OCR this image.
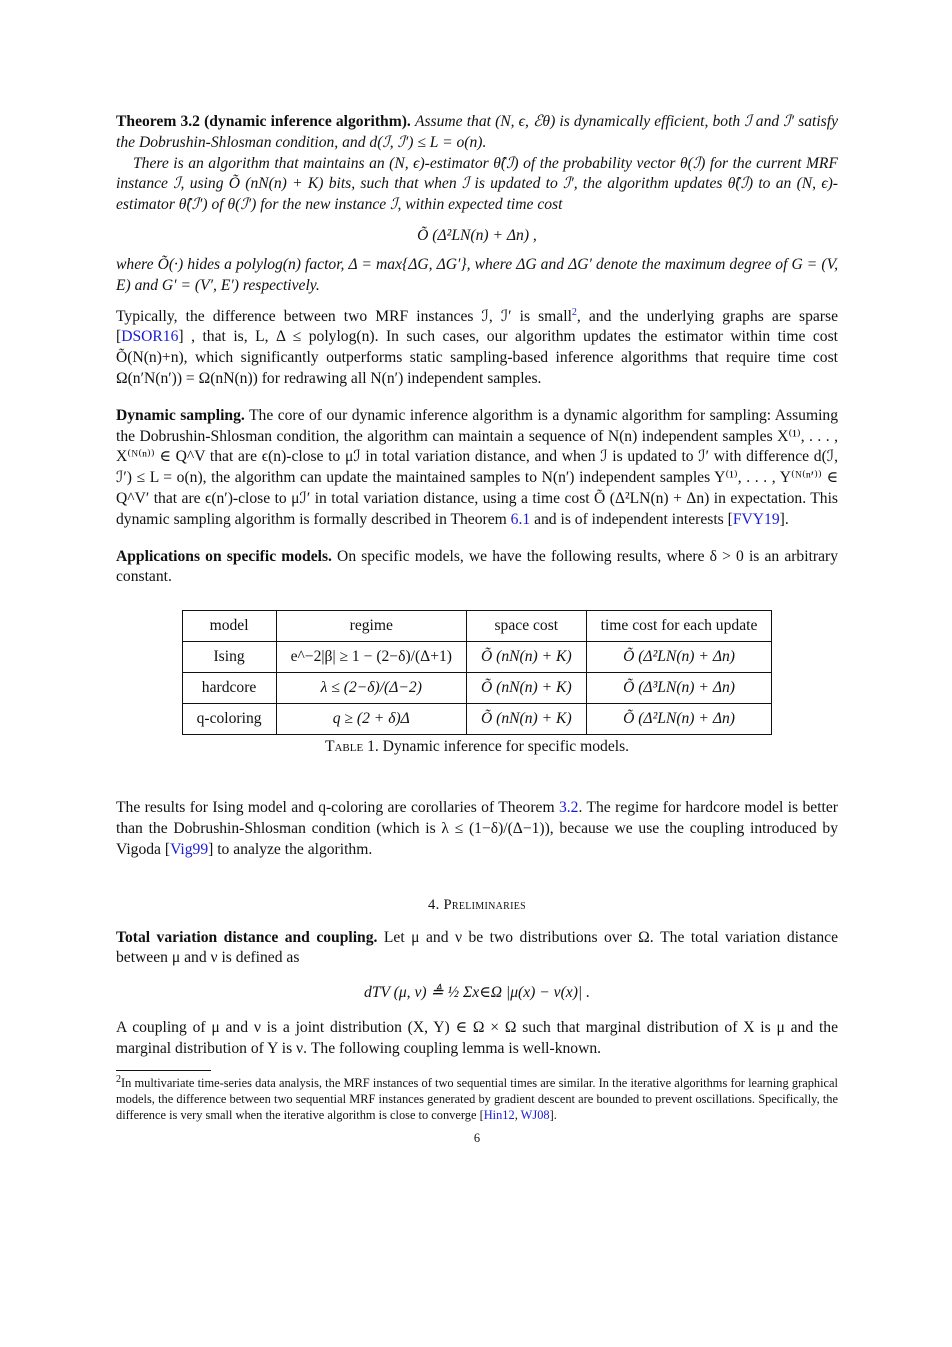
Theorem 3.2 (dynamic inference algorithm). Assume that (N, ϵ, ℰθ) is dynamically efficient, both ℐ and ℐ′ satisfy the Dobrushin-Shlosman condition, and d(ℐ, ℐ′) ≤ L = o(n).

There is an algorithm that maintains an (N, ϵ)-estimator θ̂(ℐ) of the probability vector θ(ℐ) for the current MRF instance ℐ, using Õ (nN(n) + K) bits, such that when ℐ is updated to ℐ′, the algorithm updates θ̂(ℐ) to an (N, ϵ)-estimator θ̂(ℐ′) of θ(ℐ′) for the new instance ℐ, within expected time cost

Õ (Δ²LN(n) + Δn) ,

where Õ(·) hides a polylog(n) factor, Δ = max{ΔG, ΔG′}, where ΔG and ΔG′ denote the maximum degree of G = (V, E) and G′ = (V′, E′) respectively.

Typically, the difference between two MRF instances ℐ, ℐ′ is small$^2$, and the underlying graphs are sparse [DSOR16] , that is, L, Δ ≤ polylog(n). In such cases, our algorithm updates the estimator within time cost Õ(N(n)+n), which significantly outperforms static sampling-based inference algorithms that require time cost Ω(n′N(n′)) = Ω(nN(n)) for redrawing all N(n′) independent samples.

Dynamic sampling. The core of our dynamic inference algorithm is a dynamic algorithm for sampling: Assuming the Dobrushin-Shlosman condition, the algorithm can maintain a sequence of N(n) independent samples X⁽¹⁾, . . . , X⁽ᴺ⁽ⁿ⁾⁾ ∈ Q^V that are ϵ(n)-close to μℐ in total variation distance, and when ℐ is updated to ℐ′ with difference d(ℐ, ℐ′) ≤ L = o(n), the algorithm can update the maintained samples to N(n′) independent samples Y⁽¹⁾, . . . , Y⁽ᴺ⁽ⁿ′⁾⁾ ∈ Q^V′ that are ϵ(n′)-close to μℐ′ in total variation distance, using a time cost Õ (Δ²LN(n) + Δn) in expectation. This dynamic sampling algorithm is formally described in Theorem 6.1 and is of independent interests [FVY19].

Applications on specific models. On specific models, we have the following results, where δ > 0 is an arbitrary constant.

model	regime	space cost	time cost for each update
Ising	e^−2|β| ≥ 1 − (2−δ)/(Δ+1)	Õ (nN(n) + K)	Õ (Δ²LN(n) + Δn)
hardcore	λ ≤ (2−δ)/(Δ−2)	Õ (nN(n) + K)	Õ (Δ³LN(n) + Δn)
q-coloring	q ≥ (2 + δ)Δ	Õ (nN(n) + K)	Õ (Δ²LN(n) + Δn)
Table 1. Dynamic inference for specific models.

The results for Ising model and q-coloring are corollaries of Theorem 3.2. The regime for hardcore model is better than the Dobrushin-Shlosman condition (which is λ ≤ (1−δ)/(Δ−1)), because we use the coupling introduced by Vigoda [Vig99] to analyze the algorithm.

4. Preliminaries

Total variation distance and coupling. Let μ and ν be two distributions over Ω. The total variation distance between μ and ν is defined as

dTV (μ, ν) ≜ ½ Σx∈Ω |μ(x) − ν(x)| .

A coupling of μ and ν is a joint distribution (X, Y) ∈ Ω × Ω such that marginal distribution of X is μ and the marginal distribution of Y is ν. The following coupling lemma is well-known.

$^2$In multivariate time-series data analysis, the MRF instances of two sequential times are similar. In the iterative algorithms for learning graphical models, the difference between two sequential MRF instances generated by gradient descent are bounded to prevent oscillations. Specifically, the difference is very small when the iterative algorithm is close to converge [Hin12, WJ08].
6
